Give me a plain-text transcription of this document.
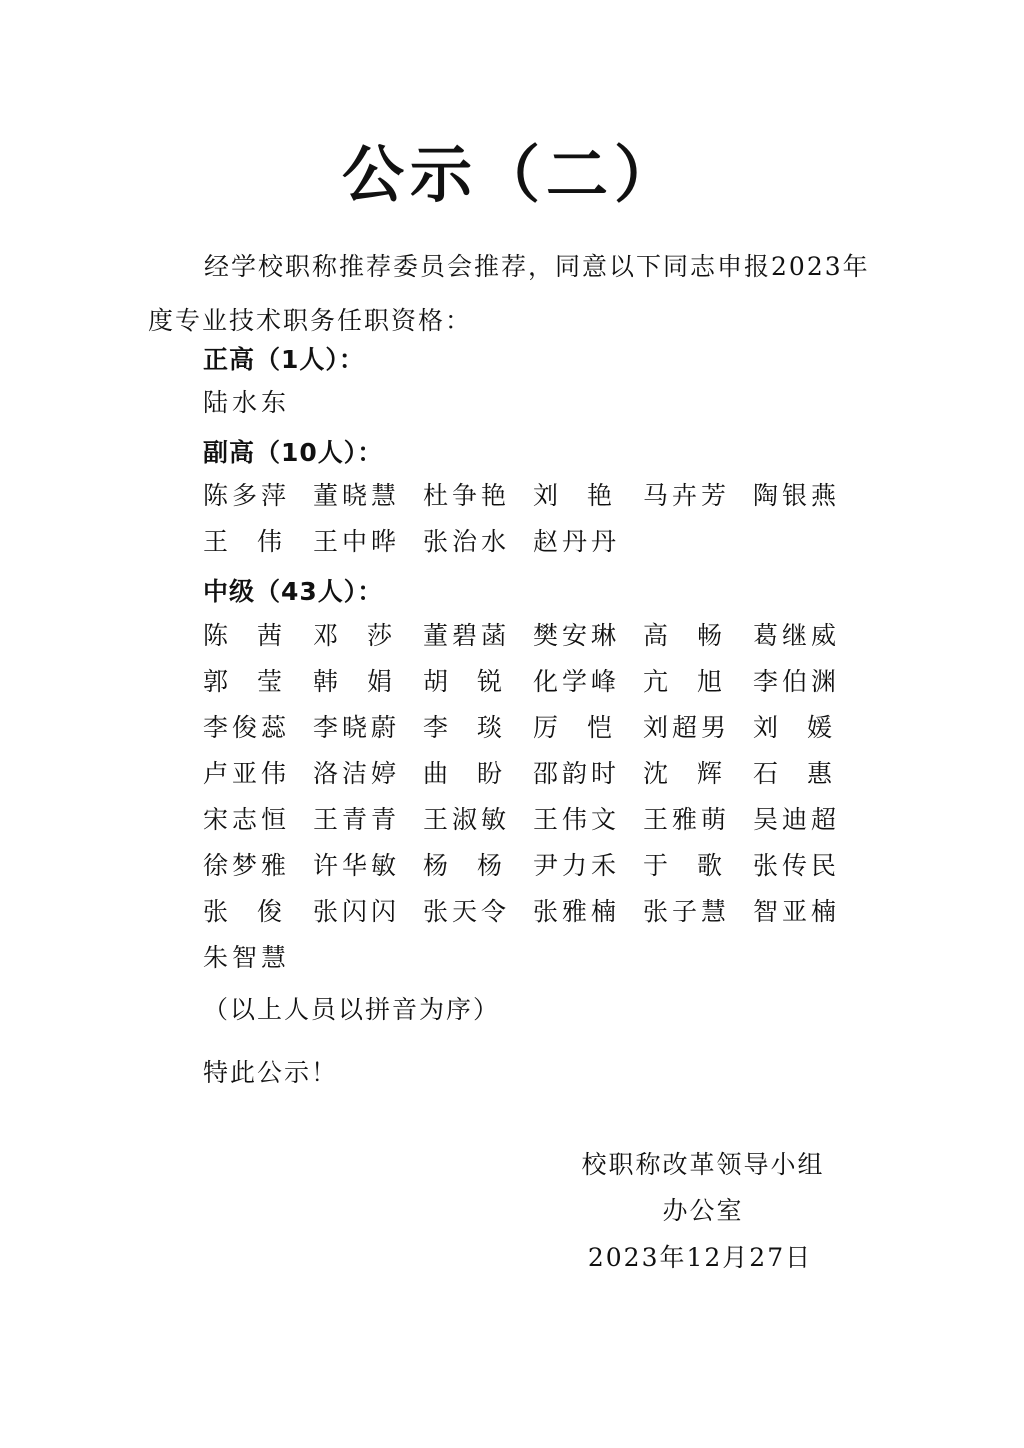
公示（二）
经学校职称推荐委员会推荐，同意以下同志申报2023年度专业技术职务任职资格：
正高（1人）：
陆水东
副高（10人）：
陈多萍 董晓慧 杜争艳 刘艳 马卉芳 陶银燕
王伟 王中晔 张治水 赵丹丹
中级（43人）：
陈茜 邓莎 董碧菡 樊安琳 高畅 葛继威
郭莹 韩娟 胡锐 化学峰 亢旭 李伯渊
李俊蕊 李晓蔚 李琰 厉恺 刘超男 刘媛
卢亚伟 洛洁婷 曲盼 邵韵时 沈辉 石惠
宋志恒 王青青 王淑敏 王伟文 王雅萌 吴迪超
徐梦雅 许华敏 杨杨 尹力禾 于歌 张传民
张俊 张闪闪 张天令 张雅楠 张子慧 智亚楠
朱智慧
（以上人员以拼音为序）
特此公示！
校职称改革领导小组
办公室
2023年12月27日
